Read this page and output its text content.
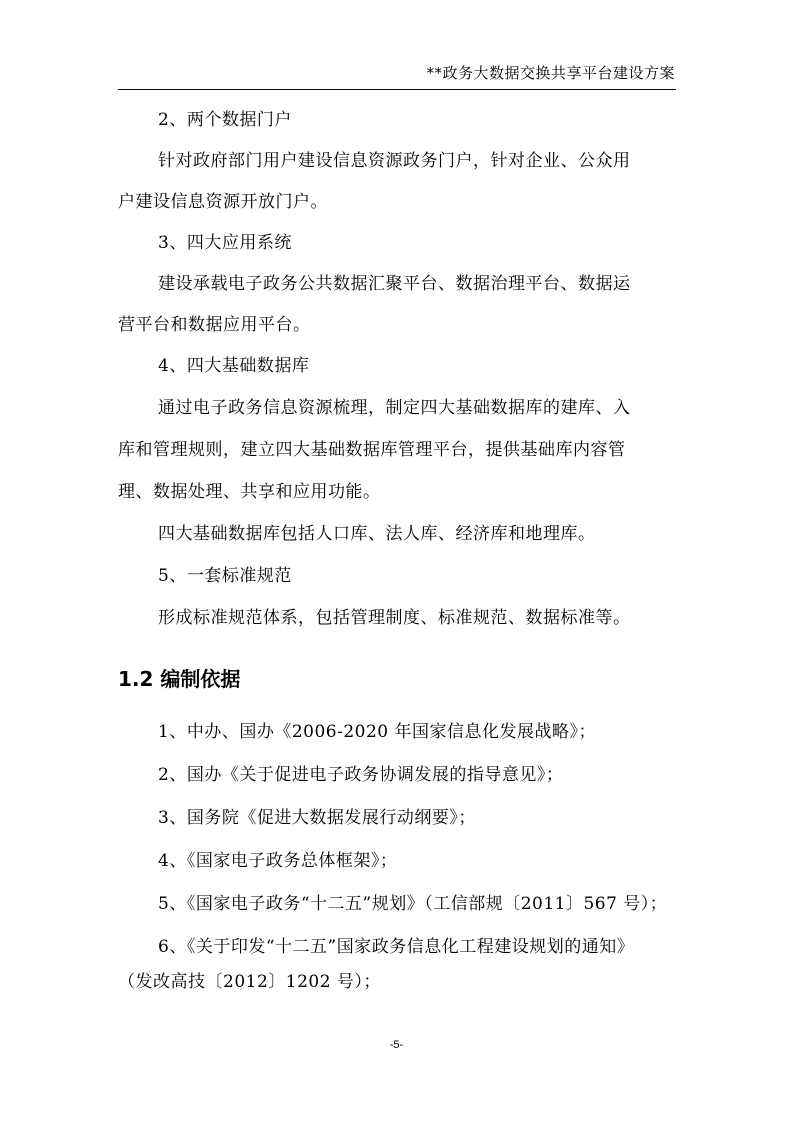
**政务大数据交换共享平台建设方案
2、两个数据门户
针对政府部门用户建设信息资源政务门户，针对企业、公众用
户建设信息资源开放门户。
3、四大应用系统
建设承载电子政务公共数据汇聚平台、数据治理平台、数据运
营平台和数据应用平台。
4、四大基础数据库
通过电子政务信息资源梳理，制定四大基础数据库的建库、入
库和管理规则，建立四大基础数据库管理平台，提供基础库内容管
理、数据处理、共享和应用功能。
四大基础数据库包括人口库、法人库、经济库和地理库。
5、一套标准规范
形成标准规范体系，包括管理制度、标准规范、数据标准等。
1.2 编制依据
1、中办、国办《2006-2020 年国家信息化发展战略》；
2、国办《关于促进电子政务协调发展的指导意见》；
3、国务院《促进大数据发展行动纲要》；
4、《国家电子政务总体框架》；
5、《国家电子政务“十二五”规划》（工信部规〔2011〕567 号）；
6、《关于印发“十二五”国家政务信息化工程建设规划的通知》
（发改高技〔2012〕1202 号）；
-5-
